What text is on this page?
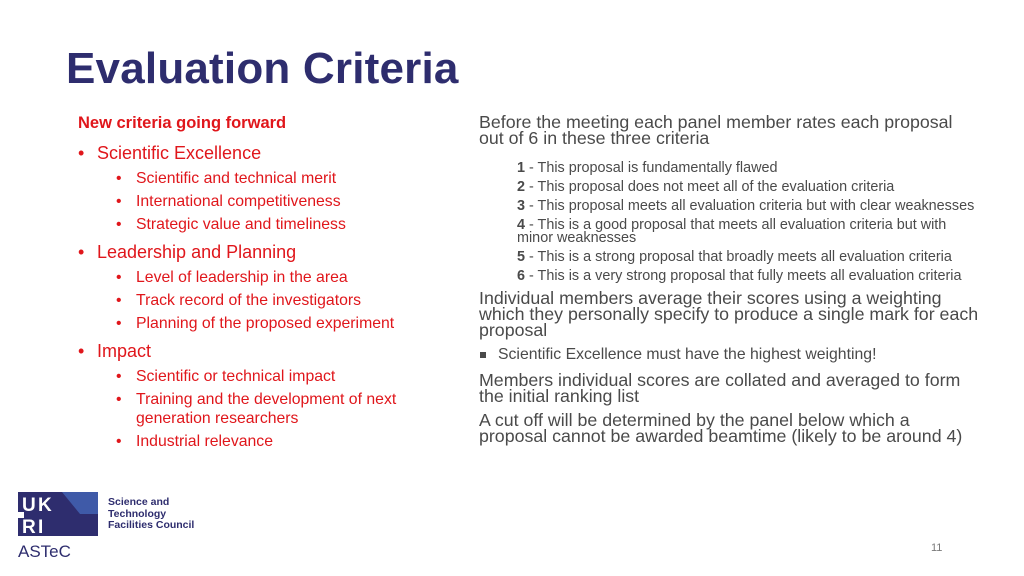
Evaluation Criteria
New criteria going forward
• Scientific Excellence
• Scientific and technical merit
• International competitiveness
• Strategic value and timeliness
• Leadership and Planning
• Level of leadership in the area
• Track record of the investigators
• Planning of the proposed experiment
• Impact
• Scientific or technical impact
• Training and the development of next generation researchers
• Industrial relevance
Before the meeting each panel member rates each proposal out of 6 in these three criteria
1 - This proposal is fundamentally flawed
2 - This proposal does not meet all of the evaluation criteria
3 - This proposal meets all evaluation criteria but with clear weaknesses
4 - This is a good proposal that meets all evaluation criteria but with minor weaknesses
5 - This is a strong proposal that broadly meets all evaluation criteria
6 - This is a very strong proposal that fully meets all evaluation criteria
Individual members average their scores using a weighting which they personally specify to produce a single mark for each proposal
Scientific Excellence must have the highest weighting!
Members individual scores are collated and averaged to form the initial ranking list
A cut off will be determined by the panel below which a proposal cannot be awarded beamtime (likely to be around 4)
U K
R I
Science and
Technology
Facilities Council
ASTeC	11
